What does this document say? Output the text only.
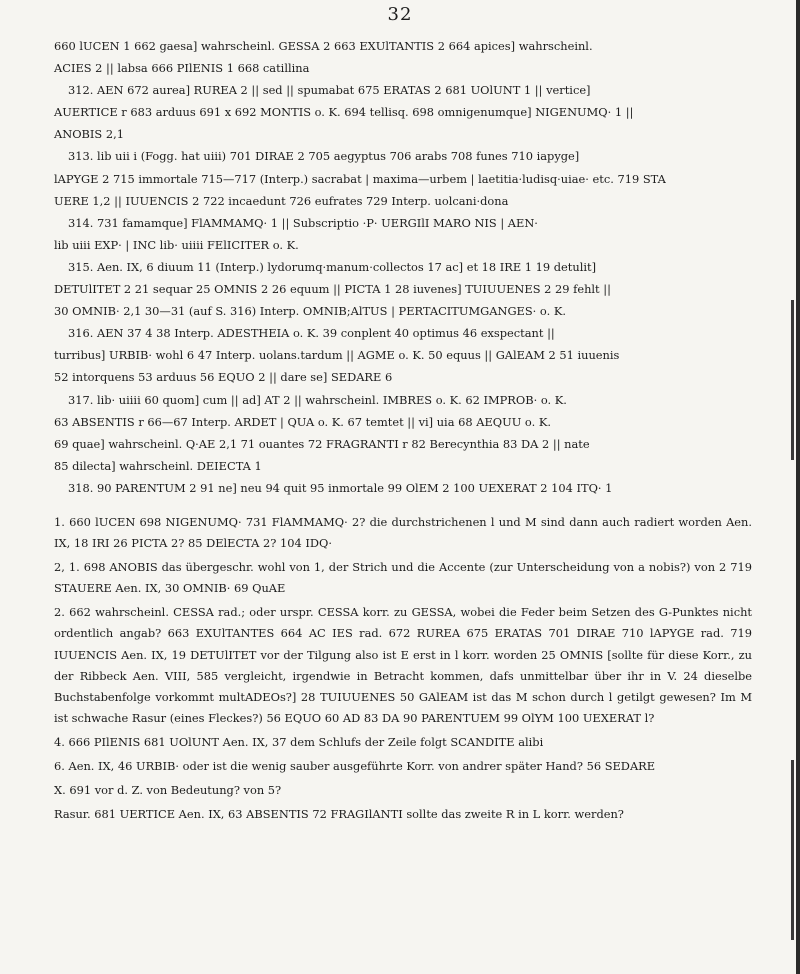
32
660 lUCEN 1 662 gaesa] wahrscheinl. GESSA 2 663 EXUlTANTIS 2 664 apices] wahrscheinl.
ACIES 2 || labsa 666 PIlENIS 1 668 catillina
312. AEN 672 aurea] RUREA 2 || sed || spumabat 675 ERATAS 2 681 UOlUNT 1 || vertice]
AUERTICE r 683 arduus 691 x 692 MONTIS o. K. 694 tellisq. 698 omnigenumque] NIGENUMQ· 1 ||
ANOBIS 2,1
313. lib uii i (Fogg. hat uiii) 701 DIRAE 2 705 aegyptus 706 arabs 708 funes 710 iapyge]
lAPYGE 2 715 immortale 715—717 (Interp.) sacrabat | maxima—urbem | laetitia·ludisq·uiae· etc. 719 STA
UERE 1,2 || IUUENCIS 2 722 incaedunt 726 eufrates 729 Interp. uolcani·dona
314. 731 famamque] FlAMMAMQ· 1 || Subscriptio ·P· UERGIlI MARO NIS | AEN·
lib uiii EXP· | INC lib· uiiii FElICITER o. K.
315. Aen. IX, 6 diuum 11 (Interp.) lydorumq·manum·collectos 17 ac] et 18 IRE 1 19 detulit]
DETUlITET 2 21 sequar 25 OMNIS 2 26 equum || PICTA 1 28 iuvenes] TUIUUENES 2 29 fehlt ||
30 OMNIB· 2,1 30—31 (auf S. 316) Interp. OMNIB;AlTUS | PERTACITUMGANGES· o. K.
316. AEN 37 4 38 Interp. ADESTHEIA o. K. 39 conplent 40 optimus 46 exspectant ||
turribus] URBIB· wohl 6 47 Interp. uolans.tardum || AGME o. K. 50 equus || GAlEAM 2 51 iuuenis
52 intorquens 53 arduus 56 EQUO 2 || dare se] SEDARE 6
317. lib· uiiii 60 quom] cum || ad] AT 2 || wahrscheinl. IMBRES o. K. 62 IMPROB· o. K.
63 ABSENTIS r 66—67 Interp. ARDET | QUA o. K. 67 temtet || vi] uia 68 AEQUU o. K.
69 quae] wahrscheinl. Q·AE 2,1 71 ouantes 72 FRAGRANTI r 82 Berecynthia 83 DA 2 || nate
85 dilecta] wahrscheinl. DEIECTA 1
318. 90 PARENTUM 2 91 ne] neu 94 quit 95 inmortale 99 OlEM 2 100 UEXERAT 2 104 ITQ· 1
1. 660 lUCEN 698 NIGENUMQ· 731 FlAMMAMQ· 2? die durchstrichenen l und M sind dann auch radiert worden Aen. IX, 18 IRI 26 PICTA 2? 85 DElECTA 2? 104 IDQ·
2, 1. 698 ANOBIS das übergeschr. wohl von 1, der Strich und die Accente (zur Unterscheidung von a nobis?) von 2 719 STAUERE Aen. IX, 30 OMNIB· 69 QuAE
2. 662 wahrscheinl. CESSA rad.; oder urspr. CESSA korr. zu GESSA, wobei die Feder beim Setzen des G-Punktes nicht ordentlich angab? 663 EXUlTANTES 664 AC IES rad. 672 RUREA 675 ERATAS 701 DIRAE 710 lAPYGE rad. 719 IUUENCIS Aen. IX, 19 DETUlITET vor der Tilgung also ist E erst in l korr. worden 25 OMNIS [sollte für diese Korr., zu der Ribbeck Aen. VIII, 585 vergleicht, irgendwie in Betracht kommen, dafs unmittelbar über ihr in V. 24 dieselbe Buchstabenfolge vorkommt multADEOs?] 28 TUIUUENES 50 GAlEAM ist das M schon durch l getilgt gewesen? Im M ist schwache Rasur (eines Fleckes?) 56 EQUO 60 AD 83 DA 90 PARENTUEM 99 OlYM 100 UEXERAT l?
4. 666 PIlENIS 681 UOlUNT Aen. IX, 37 dem Schlufs der Zeile folgt SCANDITE alibi
6. Aen. IX, 46 URBIB· oder ist die wenig sauber ausgeführte Korr. von andrer später Hand? 56 SEDARE
X. 691 vor d. Z. von Bedeutung? von 5?
Rasur. 681 UERTICE Aen. IX, 63 ABSENTIS 72 FRAGIlANTI sollte das zweite R in L korr. werden?
